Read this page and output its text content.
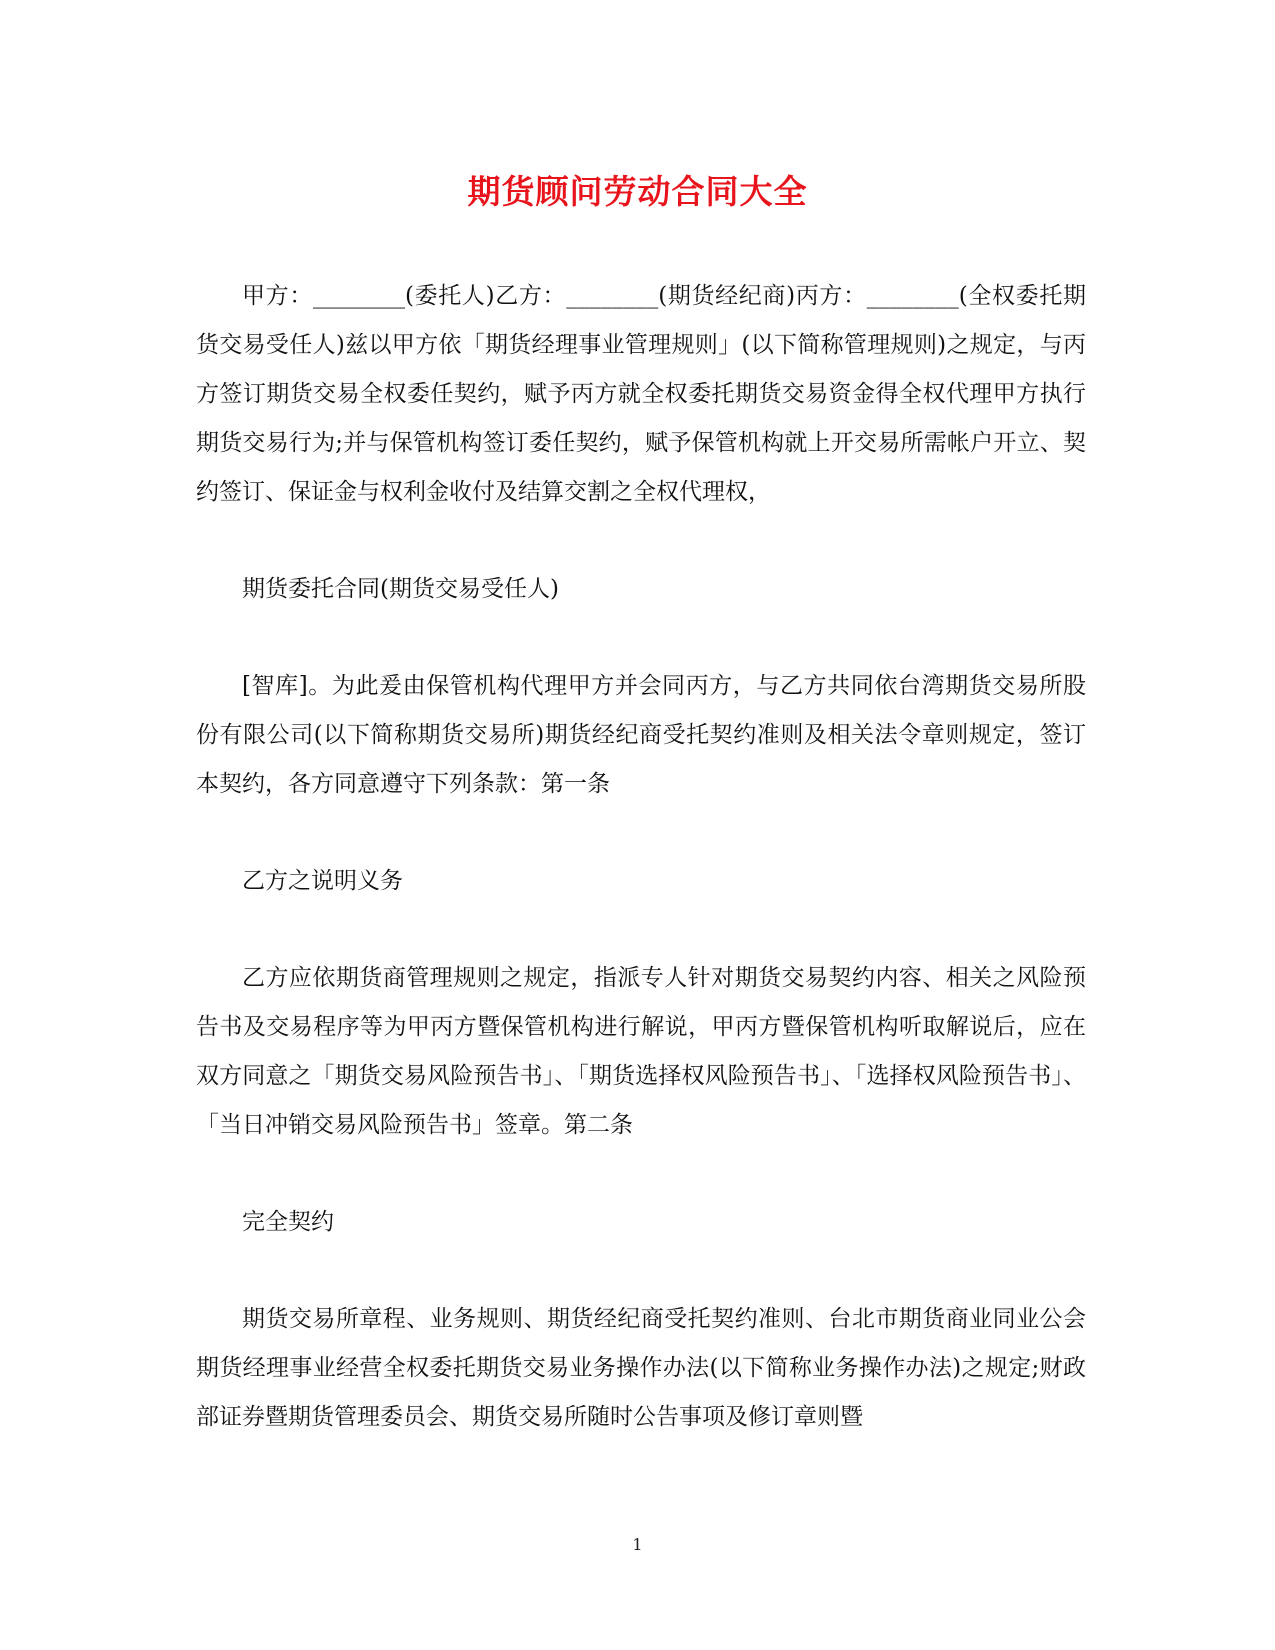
期货顾问劳动合同大全

甲方：________(委托人)乙方：________(期货经纪商)丙方：________(全权委托期货交易受任人)兹以甲方依「期货经理事业管理规则」(以下简称管理规则)之规定，与丙方签订期货交易全权委任契约，赋予丙方就全权委托期货交易资金得全权代理甲方执行期货交易行为;并与保管机构签订委任契约，赋予保管机构就上开交易所需帐户开立、契约签订、保证金与权利金收付及结算交割之全权代理权，

期货委托合同(期货交易受任人)

[智库]。为此爰由保管机构代理甲方并会同丙方，与乙方共同依台湾期货交易所股份有限公司(以下简称期货交易所)期货经纪商受托契约准则及相关法令章则规定，签订本契约，各方同意遵守下列条款：第一条

乙方之说明义务

乙方应依期货商管理规则之规定，指派专人针对期货交易契约内容、相关之风险预告书及交易程序等为甲丙方暨保管机构进行解说，甲丙方暨保管机构听取解说后，应在双方同意之「期货交易风险预告书」、「期货选择权风险预告书」、「选择权风险预告书」、「当日冲销交易风险预告书」签章。第二条

完全契约

期货交易所章程、业务规则、期货经纪商受托契约准则、台北市期货商业同业公会期货经理事业经营全权委托期货交易业务操作办法(以下简称业务操作办法)之规定;财政部证券暨期货管理委员会、期货交易所随时公告事项及修订章则暨

1
